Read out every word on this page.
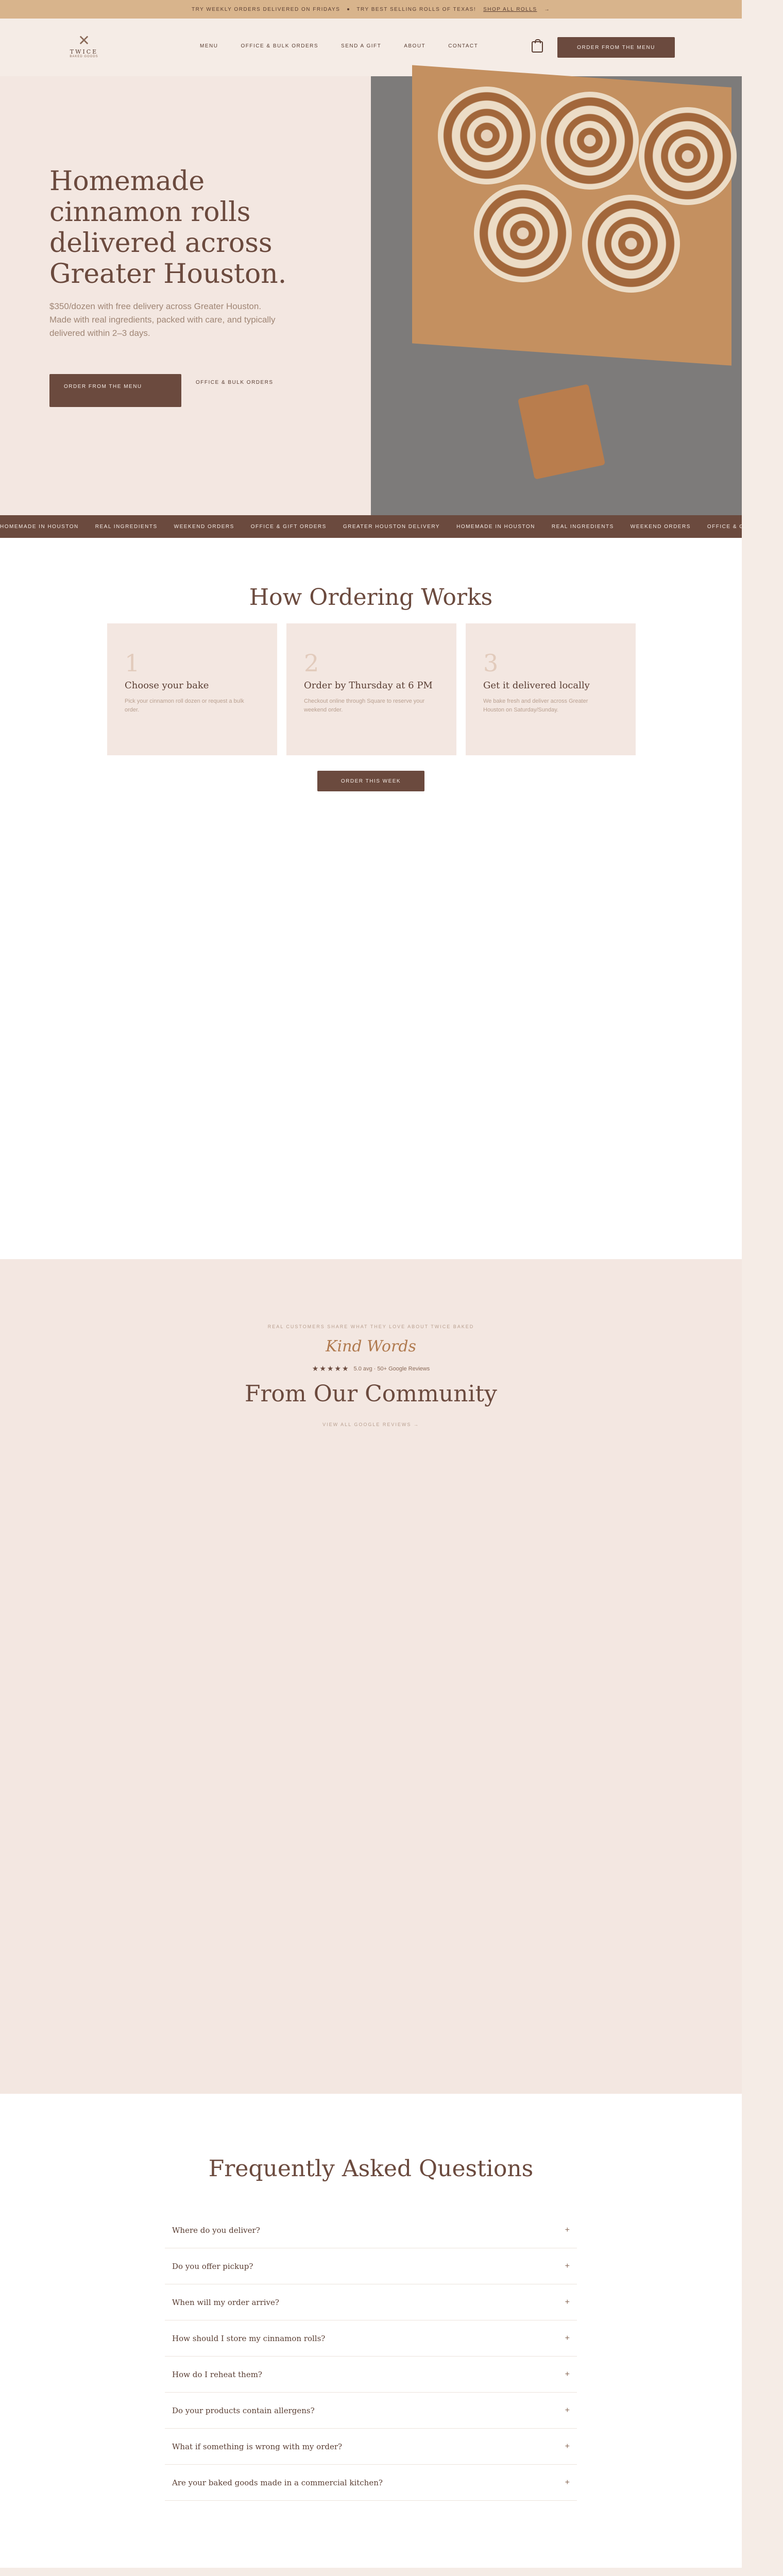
TRY WEEKLY ORDERS DELIVERED ON FRIDAYS	TRY BEST SELLING ROLLS OF TEXAS! SHOP ALL ROLLS →
✕
TWICE
BAKED GOODS
MENU	OFFICE & BULK ORDERS	SEND A GIFT	ABOUT	CONTACT	ORDER FROM THE MENU
Homemade cinnamon rolls delivered across Greater Houston.
$350/dozen with free delivery across Greater Houston. Made with real ingredients, packed with care, and typically delivered within 2–3 days.
ORDER FROM THE MENU
OFFICE & BULK ORDERS
HOMEMADE IN HOUSTON	REAL INGREDIENTS	WEEKEND ORDERS	OFFICE & GIFT ORDERS	GREATER HOUSTON DELIVERY	HOMEMADE IN HOUSTON	REAL INGREDIENTS	WEEKEND ORDERS	OFFICE & GIFT ORDERS
How Ordering Works
1
Choose your bake
Pick your cinnamon roll dozen or request a bulk order.
2
Order by Thursday at 6 PM
Checkout online through Square to reserve your weekend order.
3
Get it delivered locally
We bake fresh and deliver across Greater Houston on Saturday/Sunday.
ORDER THIS WEEK
REAL CUSTOMERS SHARE WHAT THEY LOVE ABOUT TWICE BAKED
Kind Words
★★★★★ 5.0 avg · 50+ Google Reviews
From Our Community
VIEW ALL GOOGLE REVIEWS →
Frequently Asked Questions
Where do you deliver?	+
Do you offer pickup?	+
When will my order arrive?	+
How should I store my cinnamon rolls?	+
How do I reheat them?	+
Do your products contain allergens?	+
What if something is wrong with my order?	+
Are your baked goods made in a commercial kitchen?	+
